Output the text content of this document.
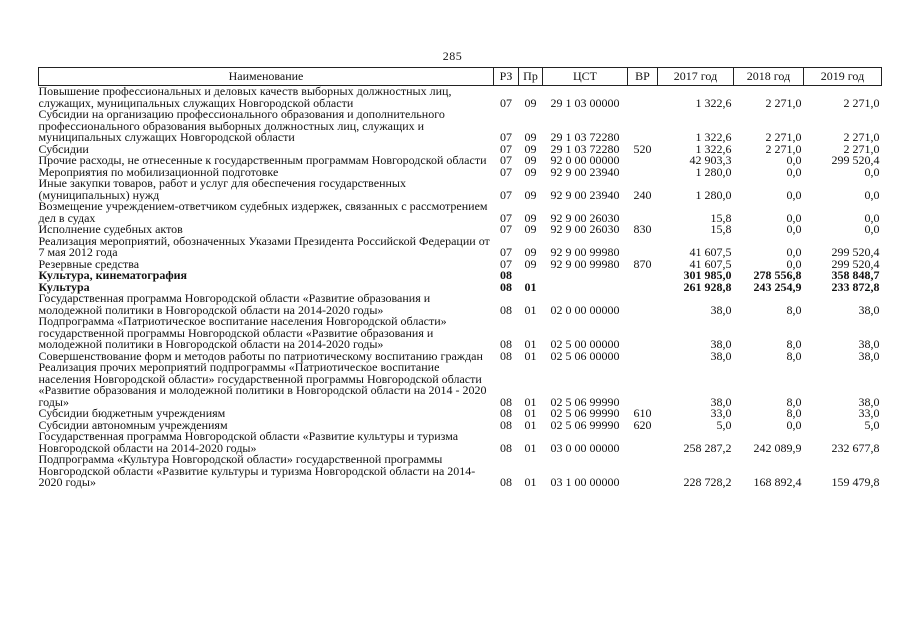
285
Наименование	РЗ	Пр	ЦСТ	ВР	2017 год	2018 год	2019 год
Повышение профессиональных и деловых качеств выборных должностных лиц, служащих, муниципальных служащих Новгородской области	07	09	29 1 03 00000		1 322,6	2 271,0	2 271,0
Субсидии на организацию профессионального образования и дополнительного профессионального образования выборных должностных лиц, служащих и муниципальных служащих Новгородской области	07	09	29 1 03 72280		1 322,6	2 271,0	2 271,0
Субсидии	07	09	29 1 03 72280	520	1 322,6	2 271,0	2 271,0
Прочие расходы, не отнесенные к государственным программам Новгородской области	07	09	92 0 00 00000		42 903,3	0,0	299 520,4
Мероприятия по мобилизационной подготовке	07	09	92 9 00 23940		1 280,0	0,0	0,0
Иные закупки товаров, работ и услуг для обеспечения государственных (муниципальных) нужд	07	09	92 9 00 23940	240	1 280,0	0,0	0,0
Возмещение учреждением-ответчиком судебных издержек, связанных с рассмотрением дел в судах	07	09	92 9 00 26030		15,8	0,0	0,0
Исполнение судебных актов	07	09	92 9 00 26030	830	15,8	0,0	0,0
Реализация мероприятий, обозначенных Указами Президента Российской Федерации от 7 мая 2012 года	07	09	92 9 00 99980		41 607,5	0,0	299 520,4
Резервные средства	07	09	92 9 00 99980	870	41 607,5	0,0	299 520,4
Культура, кинематография	08				301 985,0	278 556,8	358 848,7
Культура	08	01			261 928,8	243 254,9	233 872,8
Государственная программа Новгородской области «Развитие образования и молодежной политики в Новгородской области на 2014-2020 годы»	08	01	02 0 00 00000		38,0	8,0	38,0
Подпрограмма «Патриотическое воспитание населения Новгородской области» государственной программы Новгородской области «Развитие образования и молодежной политики в Новгородской области на 2014-2020 годы»	08	01	02 5 00 00000		38,0	8,0	38,0
Совершенствование форм и методов работы по патриотическому воспитанию граждан	08	01	02 5 06 00000		38,0	8,0	38,0
Реализация прочих мероприятий подпрограммы «Патриотическое воспитание населения Новгородской области» государственной программы Новгородской области «Развитие образования и молодежной политики в Новгородской области на 2014 - 2020 годы»	08	01	02 5 06 99990		38,0	8,0	38,0
Субсидии бюджетным учреждениям	08	01	02 5 06 99990	610	33,0	8,0	33,0
Субсидии автономным учреждениям	08	01	02 5 06 99990	620	5,0	0,0	5,0
Государственная программа Новгородской области «Развитие культуры и туризма Новгородской области на 2014-2020 годы»	08	01	03 0 00 00000		258 287,2	242 089,9	232 677,8
Подпрограмма «Культура Новгородской области» государственной программы Новгородской области «Развитие культуры и туризма Новгородской области на 2014-2020 годы»	08	01	03 1 00 00000		228 728,2	168 892,4	159 479,8
